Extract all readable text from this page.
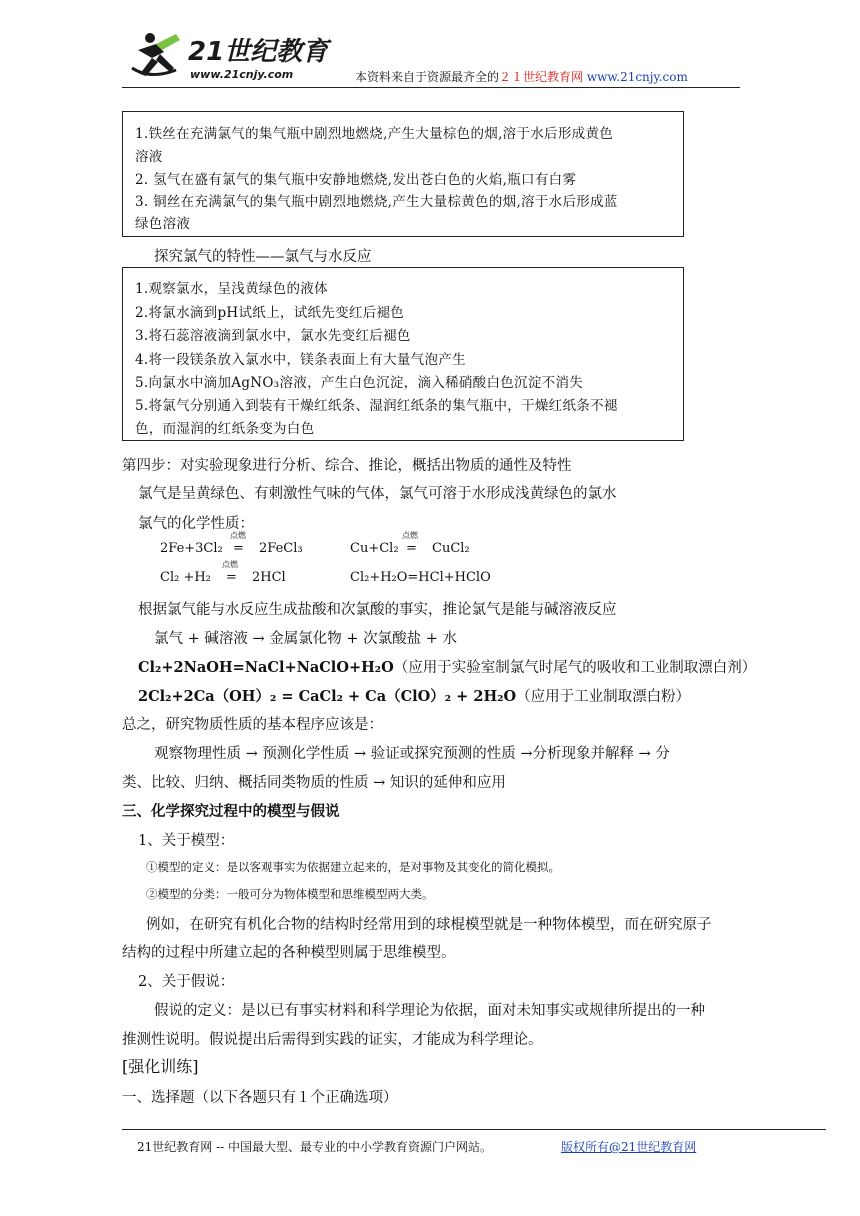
21世纪教育
www.21cnjy.com	本资料来自于资源最齐全的２１世纪教育网 www.21cnjy.com
1.铁丝在充满氯气的集气瓶中剧烈地燃烧,产生大量棕色的烟,溶于水后形成黄色
溶液
2. 氢气在盛有氯气的集气瓶中安静地燃烧,发出苍白色的火焰,瓶口有白雾
3. 铜丝在充满氯气的集气瓶中剧烈地燃烧,产生大量棕黄色的烟,溶于水后形成蓝
绿色溶液
探究氯气的特性——氯气与水反应
1.观察氯水，呈浅黄绿色的液体
2.将氯水滴到pH试纸上，试纸先变红后褪色
3.将石蕊溶液滴到氯水中，氯水先变红后褪色
4.将一段镁条放入氯水中，镁条表面上有大量气泡产生
5.向氯水中滴加AgNO₃溶液，产生白色沉淀，滴入稀硝酸白色沉淀不消失
5.将氯气分别通入到装有干燥红纸条、湿润红纸条的集气瓶中，干燥红纸条不褪
色，而湿润的红纸条变为白色
第四步：对实验现象进行分析、综合、推论，概括出物质的通性及特性
氯气是呈黄绿色、有刺激性气味的气体，氯气可溶于水形成浅黄绿色的氯水
氯气的化学性质：
2Fe+3Cl₂
点燃
= 2FeCl₃	Cu+Cl₂
点燃
= CuCl₂
Cl₂ +H₂
点燃
= 2HCl	Cl₂+H₂O=HCl+HClO
根据氯气能与水反应生成盐酸和次氯酸的事实，推论氯气是能与碱溶液反应
氯气 + 碱溶液 → 金属氯化物 + 次氯酸盐 + 水
Cl₂+2NaOH=NaCl+NaClO+H₂O（应用于实验室制氯气时尾气的吸收和工业制取漂白剂）
2Cl₂+2Ca（OH）₂ = CaCl₂ + Ca（ClO）₂ + 2H₂O（应用于工业制取漂白粉）
总之，研究物质性质的基本程序应该是：
观察物理性质 → 预测化学性质 → 验证或探究预测的性质 →分析现象并解释 → 分
类、比较、归纳、概括同类物质的性质 → 知识的延伸和应用
三、化学探究过程中的模型与假说
1、关于模型：
①模型的定义：是以客观事实为依据建立起来的，是对事物及其变化的简化模拟。
②模型的分类：一般可分为物体模型和思维模型两大类。
例如，在研究有机化合物的结构时经常用到的球棍模型就是一种物体模型，而在研究原子
结构的过程中所建立起的各种模型则属于思维模型。
2、关于假说：
假说的定义：是以已有事实材料和科学理论为依据，面对未知事实或规律所提出的一种
推测性说明。假说提出后需得到实践的证实，才能成为科学理论。
[强化训练]
一、选择题（以下各题只有１个正确选项）
21世纪教育网 -- 中国最大型、最专业的中小学教育资源门户网站。	版权所有@21世纪教育网
